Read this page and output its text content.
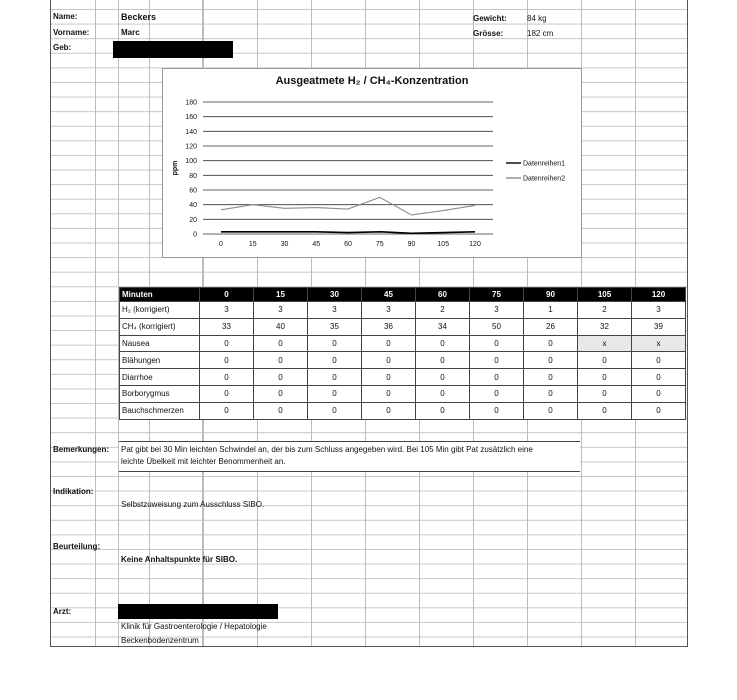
Name:	Beckers
Vorname:	Marc
Geb:
Gewicht:	84 kg
Grösse:	182 cm
Ausgeatmete H₂ / CH₄-Konzentration
180
160
140
120
100
80
60
40
20
0
ppm
0	15	30	45	60	75	90	105	120
Datenreihen1
Datenreihen2
Minuten	0	15	30	45	60	75	90	105	120
H₂ (korrigiert)	3	3	3	3	2	3	1	2	3
CH₄ (korrigiert)	33	40	35	36	34	50	26	32	39
Nausea	0	0	0	0	0	0	0	x	x
Blähungen	0	0	0	0	0	0	0	0	0
Diarrhoe	0	0	0	0	0	0	0	0	0
Borborygmus	0	0	0	0	0	0	0	0	0
Bauchschmerzen	0	0	0	0	0	0	0	0	0
Bemerkungen: Pat gibt bei 30 Min leichten Schwindel an, der bis zum Schluss angegeben wird. Bei 105 Min gibt Pat zusätzlich eine
leichte Übelkeit mit leichter Benommenheit an.
Indikation:
Selbstzuweisung zum Ausschluss SIBO.
Beurteilung:
Keine Anhaltspunkte für SIBO.
Arzt:
Klinik für Gastroenterologie / Hepatologie
Beckenbodenzentrum
